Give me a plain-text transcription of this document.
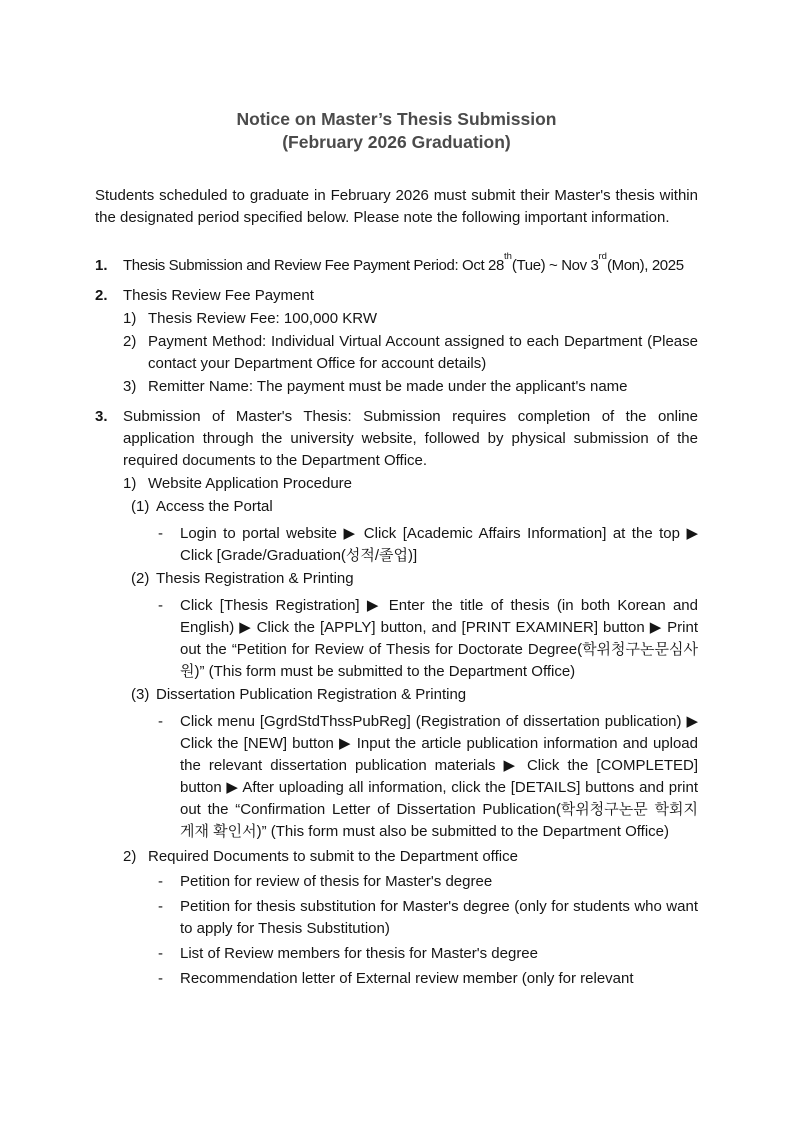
Notice on Master’s Thesis Submission
(February 2026 Graduation)

Students scheduled to graduate in February 2026 must submit their Master's thesis within the designated period specified below. Please note the following important information.

1.	Thesis Submission and Review Fee Payment Period: Oct 28th(Tue) ~ Nov 3rd(Mon), 2025
2.	Thesis Review Fee Payment
1) Thesis Review Fee: 100,000 KRW
2) Payment Method: Individual Virtual Account assigned to each Department (Please contact your Department Office for account details)
3) Remitter Name: The payment must be made under the applicant's name
3.	Submission of Master's Thesis: Submission requires completion of the online application through the university website, followed by physical submission of the required documents to the Department Office.
1) Website Application Procedure
(1) Access the Portal
-	Login to portal website ▶ Click [Academic Affairs Information] at the top ▶ Click [Grade/Graduation(성적/졸업)]
(2) Thesis Registration & Printing
-	Click [Thesis Registration] ▶ Enter the title of thesis (in both Korean and English) ▶ Click the [APPLY] button, and [PRINT EXAMINER] button ▶ Print out the “Petition for Review of Thesis for Doctorate Degree(학위청구논문심사원)” (This form must be submitted to the Department Office)
(3) Dissertation Publication Registration & Printing
-	Click menu [GgrdStdThssPubReg] (Registration of dissertation publication) ▶ Click the [NEW] button ▶ Input the article publication information and upload the relevant dissertation publication materials ▶ Click the [COMPLETED] button ▶ After uploading all information, click the [DETAILS] buttons and print out the “Confirmation Letter of Dissertation Publication(학위청구논문 학회지 게재 확인서)” (This form must also be submitted to the Department Office)
2) Required Documents to submit to the Department office
-	Petition for review of thesis for Master's degree
-	Petition for thesis substitution for Master's degree (only for students who want to apply for Thesis Substitution)
-	List of Review members for thesis for Master's degree
-	Recommendation letter of External review member (only for relevant
